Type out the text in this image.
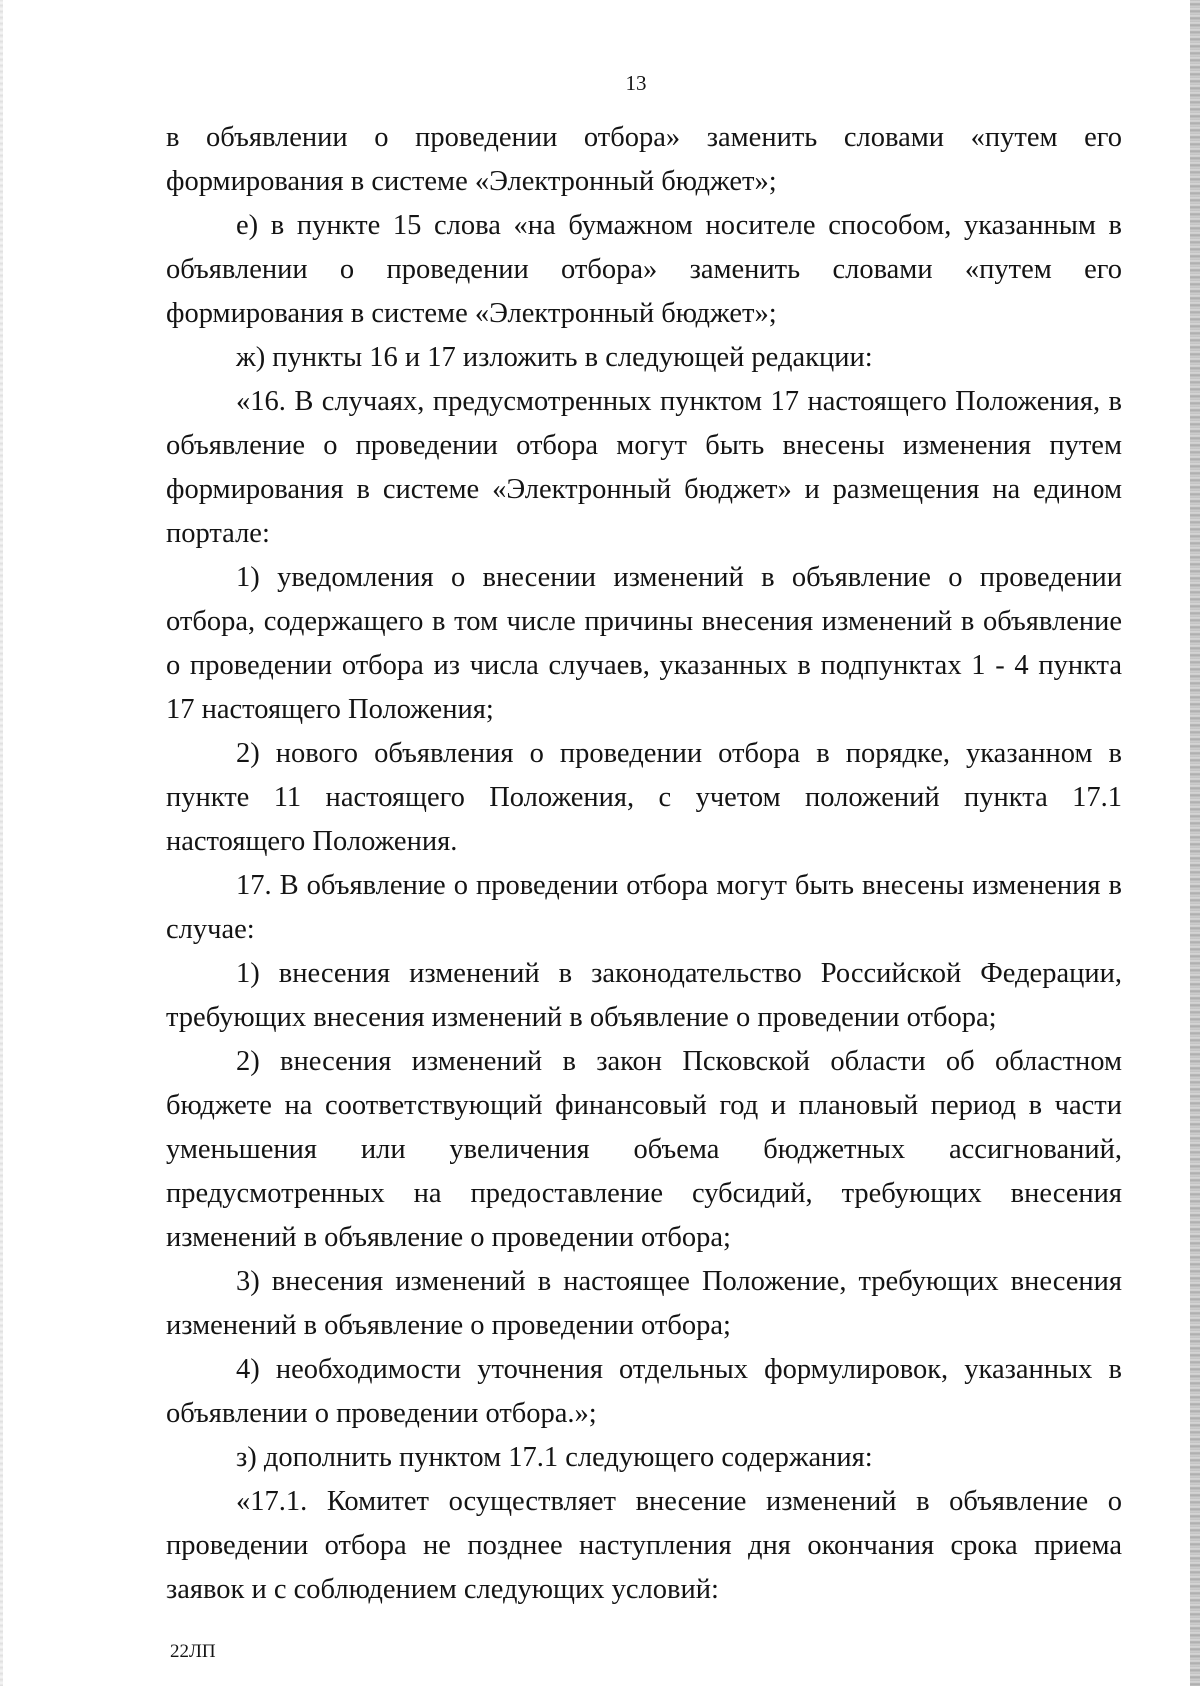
13

в объявлении о проведении отбора» заменить словами «путем его формирования в системе «Электронный бюджет»;

е) в пункте 15 слова «на бумажном носителе способом, указанным в объявлении о проведении отбора» заменить словами «путем его формирования в системе «Электронный бюджет»;

ж) пункты 16 и 17 изложить в следующей редакции:

«16. В случаях, предусмотренных пунктом 17 настоящего Положения, в объявление о проведении отбора могут быть внесены изменения путем формирования в системе «Электронный бюджет» и размещения на едином портале:

1) уведомления о внесении изменений в объявление о проведении отбора, содержащего в том числе причины внесения изменений в объявление о проведении отбора из числа случаев, указанных в подпунктах 1 - 4 пункта 17 настоящего Положения;

2) нового объявления о проведении отбора в порядке, указанном в пункте 11 настоящего Положения, с учетом положений пункта 17.1 настоящего Положения.

17. В объявление о проведении отбора могут быть внесены изменения в случае:

1) внесения изменений в законодательство Российской Федерации, требующих внесения изменений в объявление о проведении отбора;

2) внесения изменений в закон Псковской области об областном бюджете на соответствующий финансовый год и плановый период в части уменьшения или увеличения объема бюджетных ассигнований, предусмотренных на предоставление субсидий, требующих внесения изменений в объявление о проведении отбора;

3) внесения изменений в настоящее Положение, требующих внесения изменений в объявление о проведении отбора;

4) необходимости уточнения отдельных формулировок, указанных в объявлении о проведении отбора.»;

з) дополнить пунктом 17.1 следующего содержания:

«17.1. Комитет осуществляет внесение изменений в объявление о проведении отбора не позднее наступления дня окончания срока приема заявок и с соблюдением следующих условий:

22ЛП
